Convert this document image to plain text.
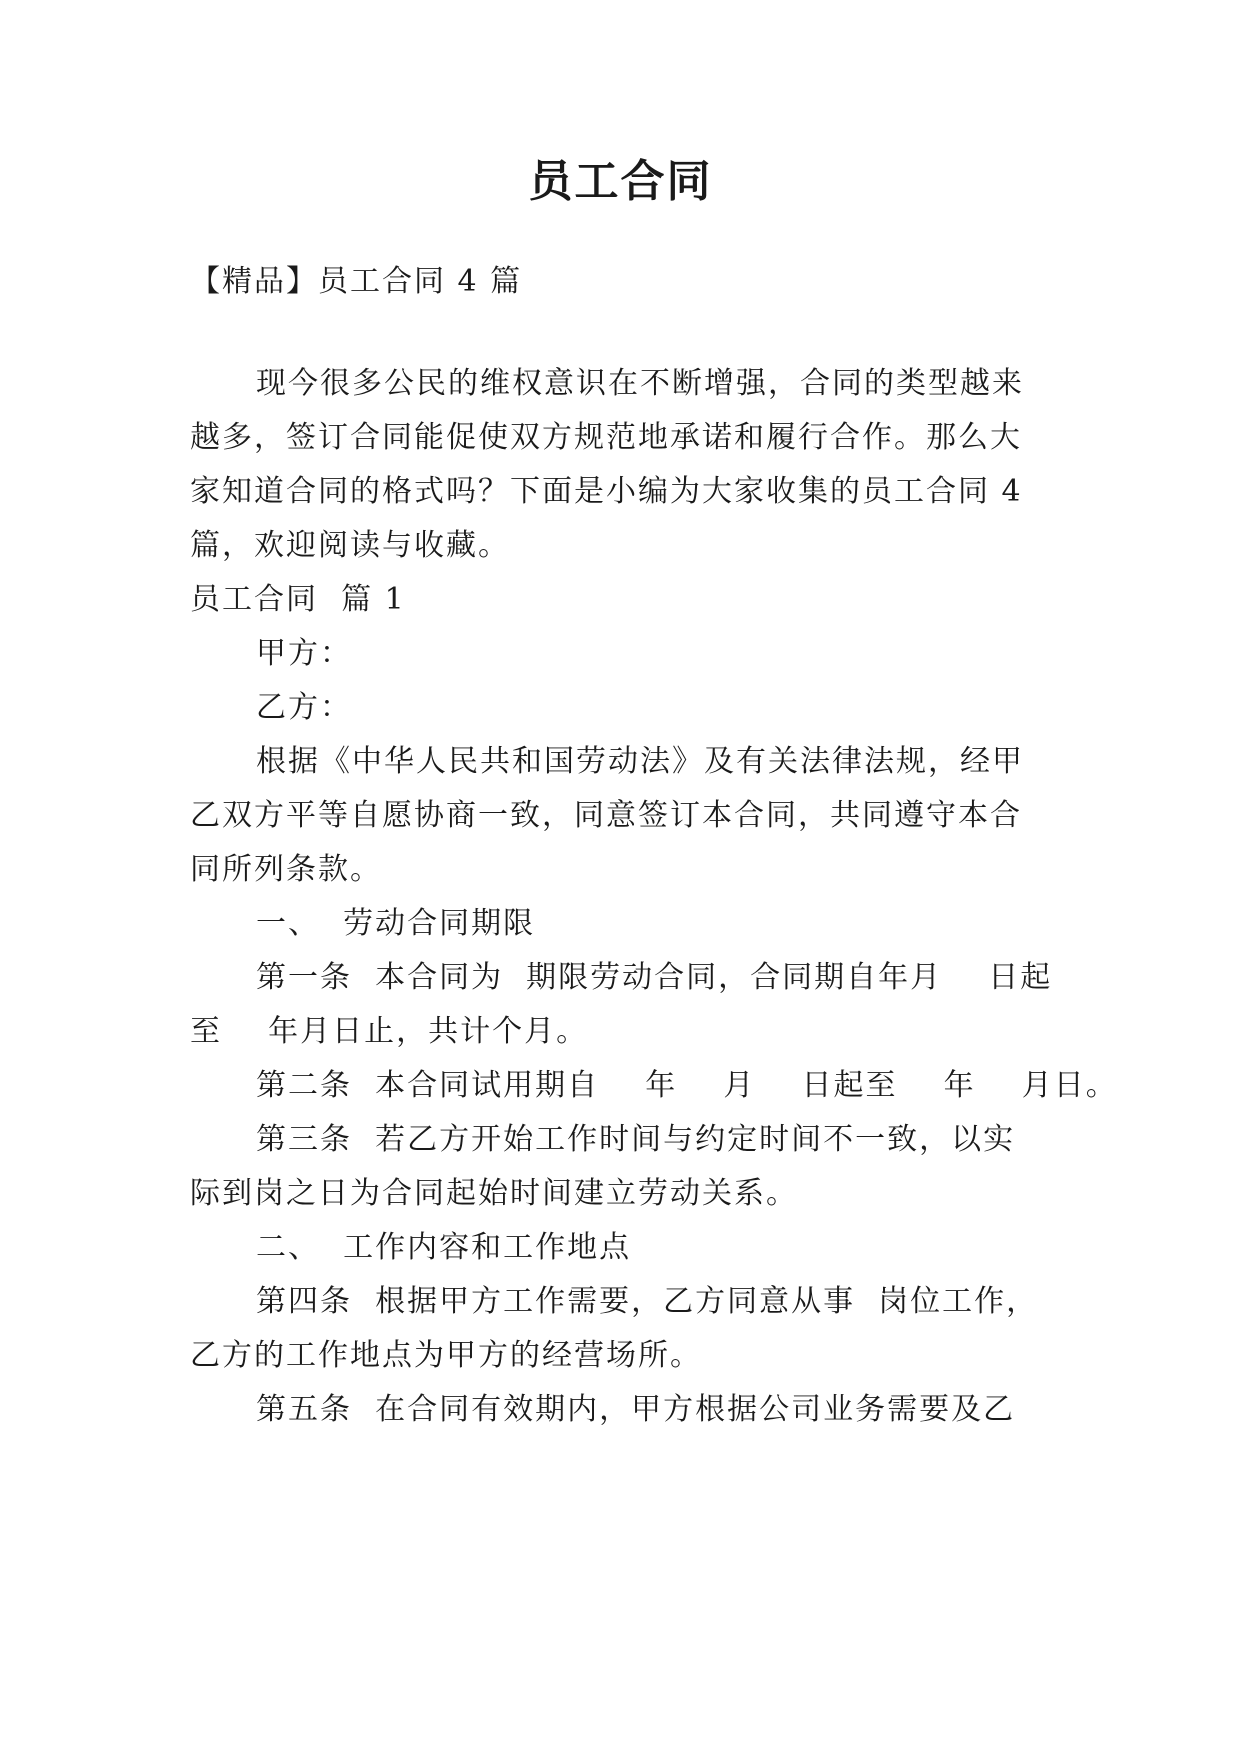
员工合同
【精品】员工合同 4 篇
现今很多公民的维权意识在不断增强，合同的类型越来
越多，签订合同能促使双方规范地承诺和履行合作。那么大
家知道合同的格式吗？下面是小编为大家收集的员工合同 4
篇，欢迎阅读与收藏。
员工合同  篇 1
甲方：
乙方：
根据《中华人民共和国劳动法》及有关法律法规，经甲
乙双方平等自愿协商一致，同意签订本合同，共同遵守本合
同所列条款。
一、  劳动合同期限
第一条  本合同为  期限劳动合同，合同期自年月    日起
至    年月日止，共计个月。
第二条  本合同试用期自    年    月    日起至    年    月日。
第三条  若乙方开始工作时间与约定时间不一致，以实
际到岗之日为合同起始时间建立劳动关系。
二、  工作内容和工作地点
第四条  根据甲方工作需要，乙方同意从事  岗位工作，
乙方的工作地点为甲方的经营场所。
第五条  在合同有效期内，甲方根据公司业务需要及乙
